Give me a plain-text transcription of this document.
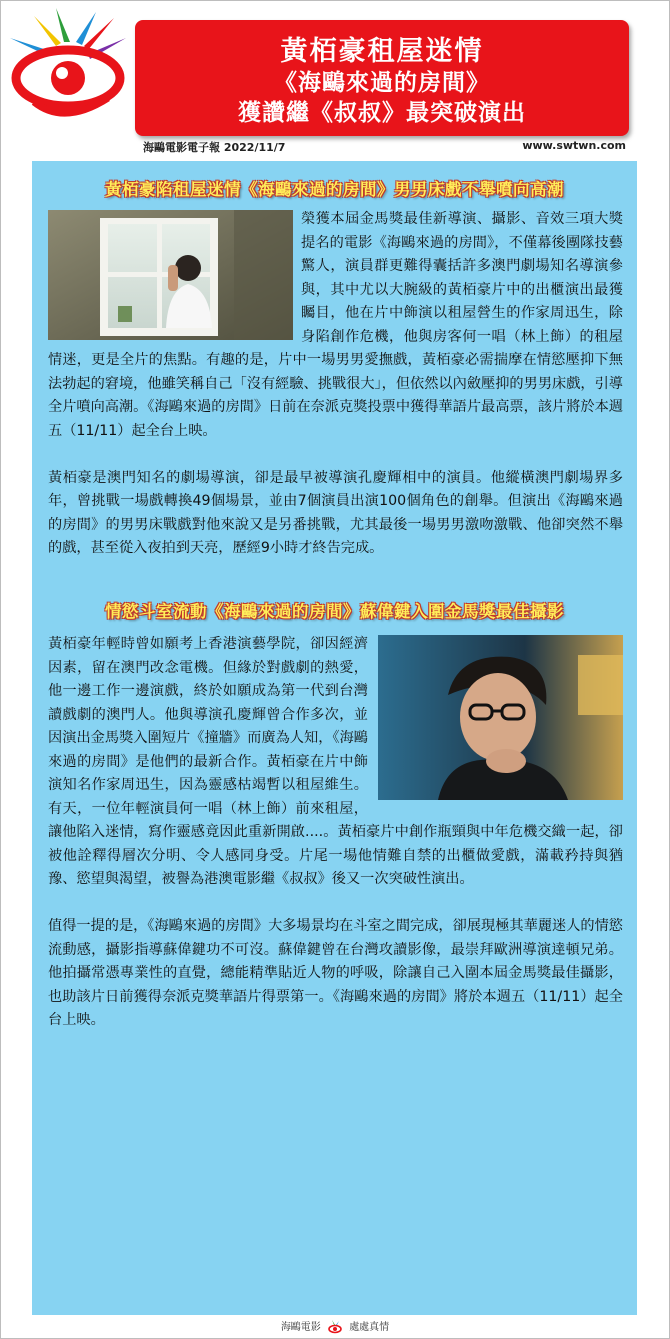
黃栢豪租屋迷情
《海鷗來過的房間》
獲讚繼《叔叔》最突破演出
海鷗電影電子報 2022/11/7	www.swtwn.com
黃栢豪陷租屋迷情《海鷗來過的房間》男男床戲不舉噴向高潮

榮獲本屆金馬獎最佳新導演、攝影、音效三項大獎提名的電影《海鷗來過的房間》，不僅幕後團隊技藝驚人，演員群更難得囊括許多澳門劇場知名導演參與，其中尤以大腕級的黃栢豪片中的出櫃演出最獲矚目，他在片中飾演以租屋營生的作家周迅生，除身陷創作危機，他與房客何一唱（林上飾）的租屋情迷，更是全片的焦點。有趣的是，片中一場男男愛撫戲，黃栢豪必需揣摩在情慾壓抑下無法勃起的窘境，他雖笑稱自己「沒有經驗、挑戰很大」，但依然以內斂壓抑的男男床戲，引導全片噴向高潮。《海鷗來過的房間》日前在奈派克獎投票中獲得華語片最高票，該片將於本週五（11/11）起全台上映。

黃栢豪是澳門知名的劇場導演，卻是最早被導演孔慶輝相中的演員。他縱橫澳門劇場界多年，曾挑戰一場戲轉換49個場景，並由7個演員出演100個角色的創舉。但演出《海鷗來過的房間》的男男床戰戲對他來說又是另番挑戰，尤其最後一場男男激吻激戰、他卻突然不舉的戲，甚至從入夜拍到天亮，歷經9小時才終告完成。

情慾斗室流動《海鷗來過的房間》蘇偉鍵入圍金馬獎最佳攝影

黃栢豪年輕時曾如願考上香港演藝學院，卻因經濟因素，留在澳門改念電機。但緣於對戲劇的熱愛，他一邊工作一邊演戲，終於如願成為第一代到台灣讀戲劇的澳門人。他與導演孔慶輝曾合作多次，並因演出金馬獎入圍短片《撞牆》而廣為人知，《海鷗來過的房間》是他們的最新合作。黃栢豪在片中飾演知名作家周迅生，因為靈感枯竭暫以租屋維生。有天，一位年輕演員何一唱（林上飾）前來租屋，讓他陷入迷情，寫作靈感竟因此重新開啟....。黃栢豪片中創作瓶頸與中年危機交織一起，卻被他詮釋得層次分明、令人感同身受。片尾一場他情難自禁的出櫃做愛戲，滿載矜持與猶豫、慾望與渴望，被譽為港澳電影繼《叔叔》後又一次突破性演出。

值得一提的是，《海鷗來過的房間》大多場景均在斗室之間完成，卻展現極其華麗迷人的情慾流動感，攝影指導蘇偉鍵功不可沒。蘇偉鍵曾在台灣攻讀影像，最崇拜歐洲導演達頓兄弟。他拍攝常憑專業性的直覺，總能精準貼近人物的呼吸，除讓自己入圍本屆金馬獎最佳攝影，也助該片日前獲得奈派克獎華語片得票第一。《海鷗來過的房間》將於本週五（11/11）起全台上映。

海鷗電影	處處真情
